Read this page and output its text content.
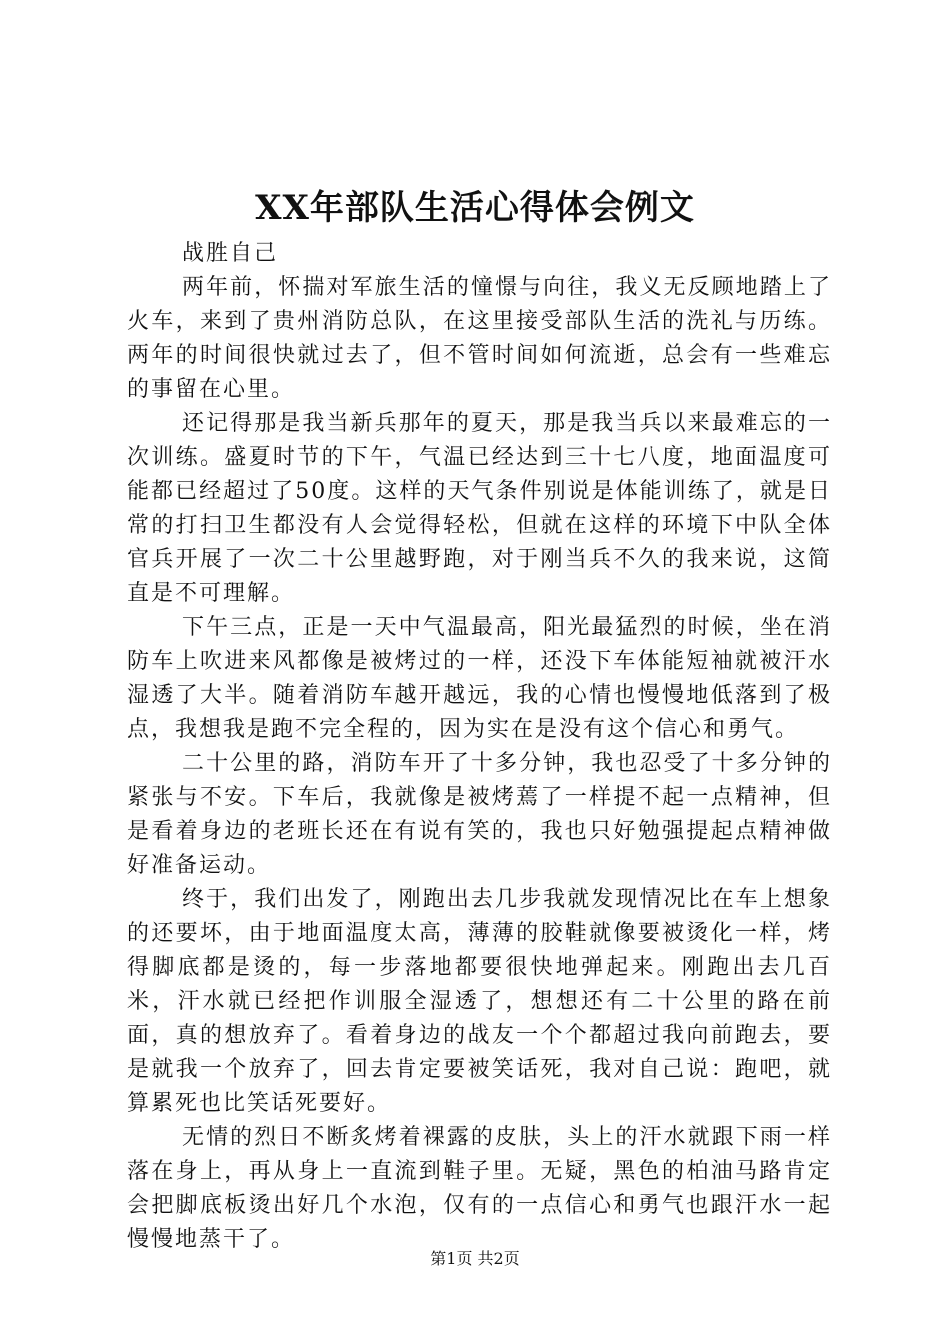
XX年部队生活心得体会例文

战胜自己

两年前，怀揣对军旅生活的憧憬与向往，我义无反顾地踏上了火车，来到了贵州消防总队，在这里接受部队生活的洗礼与历练。两年的时间很快就过去了，但不管时间如何流逝，总会有一些难忘的事留在心里。

还记得那是我当新兵那年的夏天，那是我当兵以来最难忘的一次训练。盛夏时节的下午，气温已经达到三十七八度，地面温度可能都已经超过了50度。这样的天气条件别说是体能训练了，就是日常的打扫卫生都没有人会觉得轻松，但就在这样的环境下中队全体官兵开展了一次二十公里越野跑，对于刚当兵不久的我来说，这简直是不可理解。

下午三点，正是一天中气温最高，阳光最猛烈的时候，坐在消防车上吹进来风都像是被烤过的一样，还没下车体能短袖就被汗水湿透了大半。随着消防车越开越远，我的心情也慢慢地低落到了极点，我想我是跑不完全程的，因为实在是没有这个信心和勇气。

二十公里的路，消防车开了十多分钟，我也忍受了十多分钟的紧张与不安。下车后，我就像是被烤蔫了一样提不起一点精神，但是看着身边的老班长还在有说有笑的，我也只好勉强提起点精神做好准备运动。

终于，我们出发了，刚跑出去几步我就发现情况比在车上想象的还要坏，由于地面温度太高，薄薄的胶鞋就像要被烫化一样，烤得脚底都是烫的，每一步落地都要很快地弹起来。刚跑出去几百米，汗水就已经把作训服全湿透了，想想还有二十公里的路在前面，真的想放弃了。看着身边的战友一个个都超过我向前跑去，要是就我一个放弃了，回去肯定要被笑话死，我对自己说：跑吧，就算累死也比笑话死要好。

无情的烈日不断炙烤着裸露的皮肤，头上的汗水就跟下雨一样落在身上，再从身上一直流到鞋子里。无疑，黑色的柏油马路肯定会把脚底板烫出好几个水泡，仅有的一点信心和勇气也跟汗水一起慢慢地蒸干了。

第1页 共2页
